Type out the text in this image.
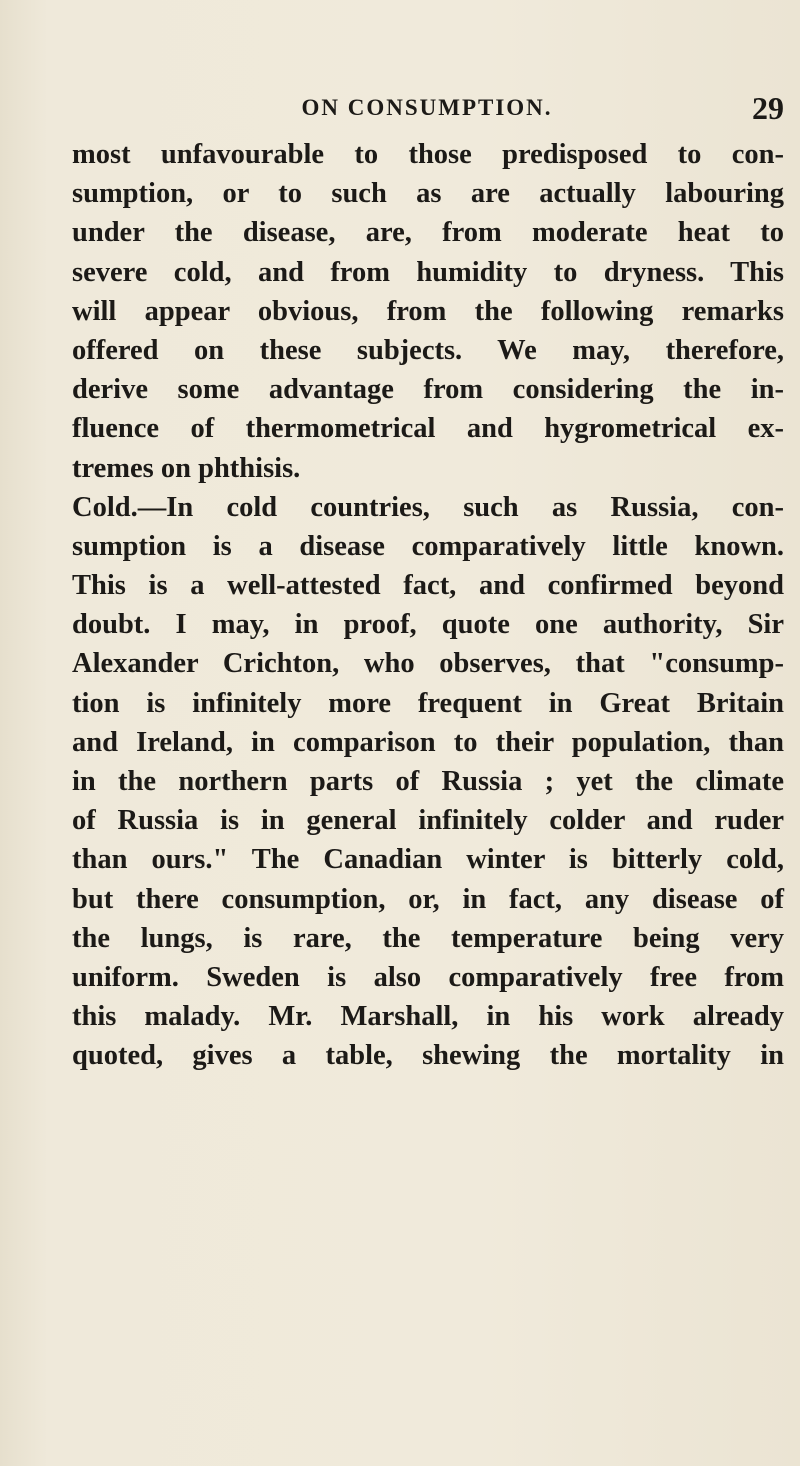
ON CONSUMPTION.	29
most unfavourable to those predisposed to con-
sumption, or to such as are actually labouring
under the disease, are, from moderate heat to
severe cold, and from humidity to dryness. This
will appear obvious, from the following remarks
offered on these subjects. We may, therefore,
derive some advantage from considering the in-
fluence of thermometrical and hygrometrical ex-
tremes on phthisis.
Cold.—In cold countries, such as Russia, con-
sumption is a disease comparatively little known.
This is a well-attested fact, and confirmed beyond
doubt. I may, in proof, quote one authority, Sir
Alexander Crichton, who observes, that "consump-
tion is infinitely more frequent in Great Britain
and Ireland, in comparison to their population, than
in the northern parts of Russia ; yet the climate
of Russia is in general infinitely colder and ruder
than ours." The Canadian winter is bitterly cold,
but there consumption, or, in fact, any disease of
the lungs, is rare, the temperature being very
uniform. Sweden is also comparatively free from
this malady. Mr. Marshall, in his work already
quoted, gives a table, shewing the mortality in
